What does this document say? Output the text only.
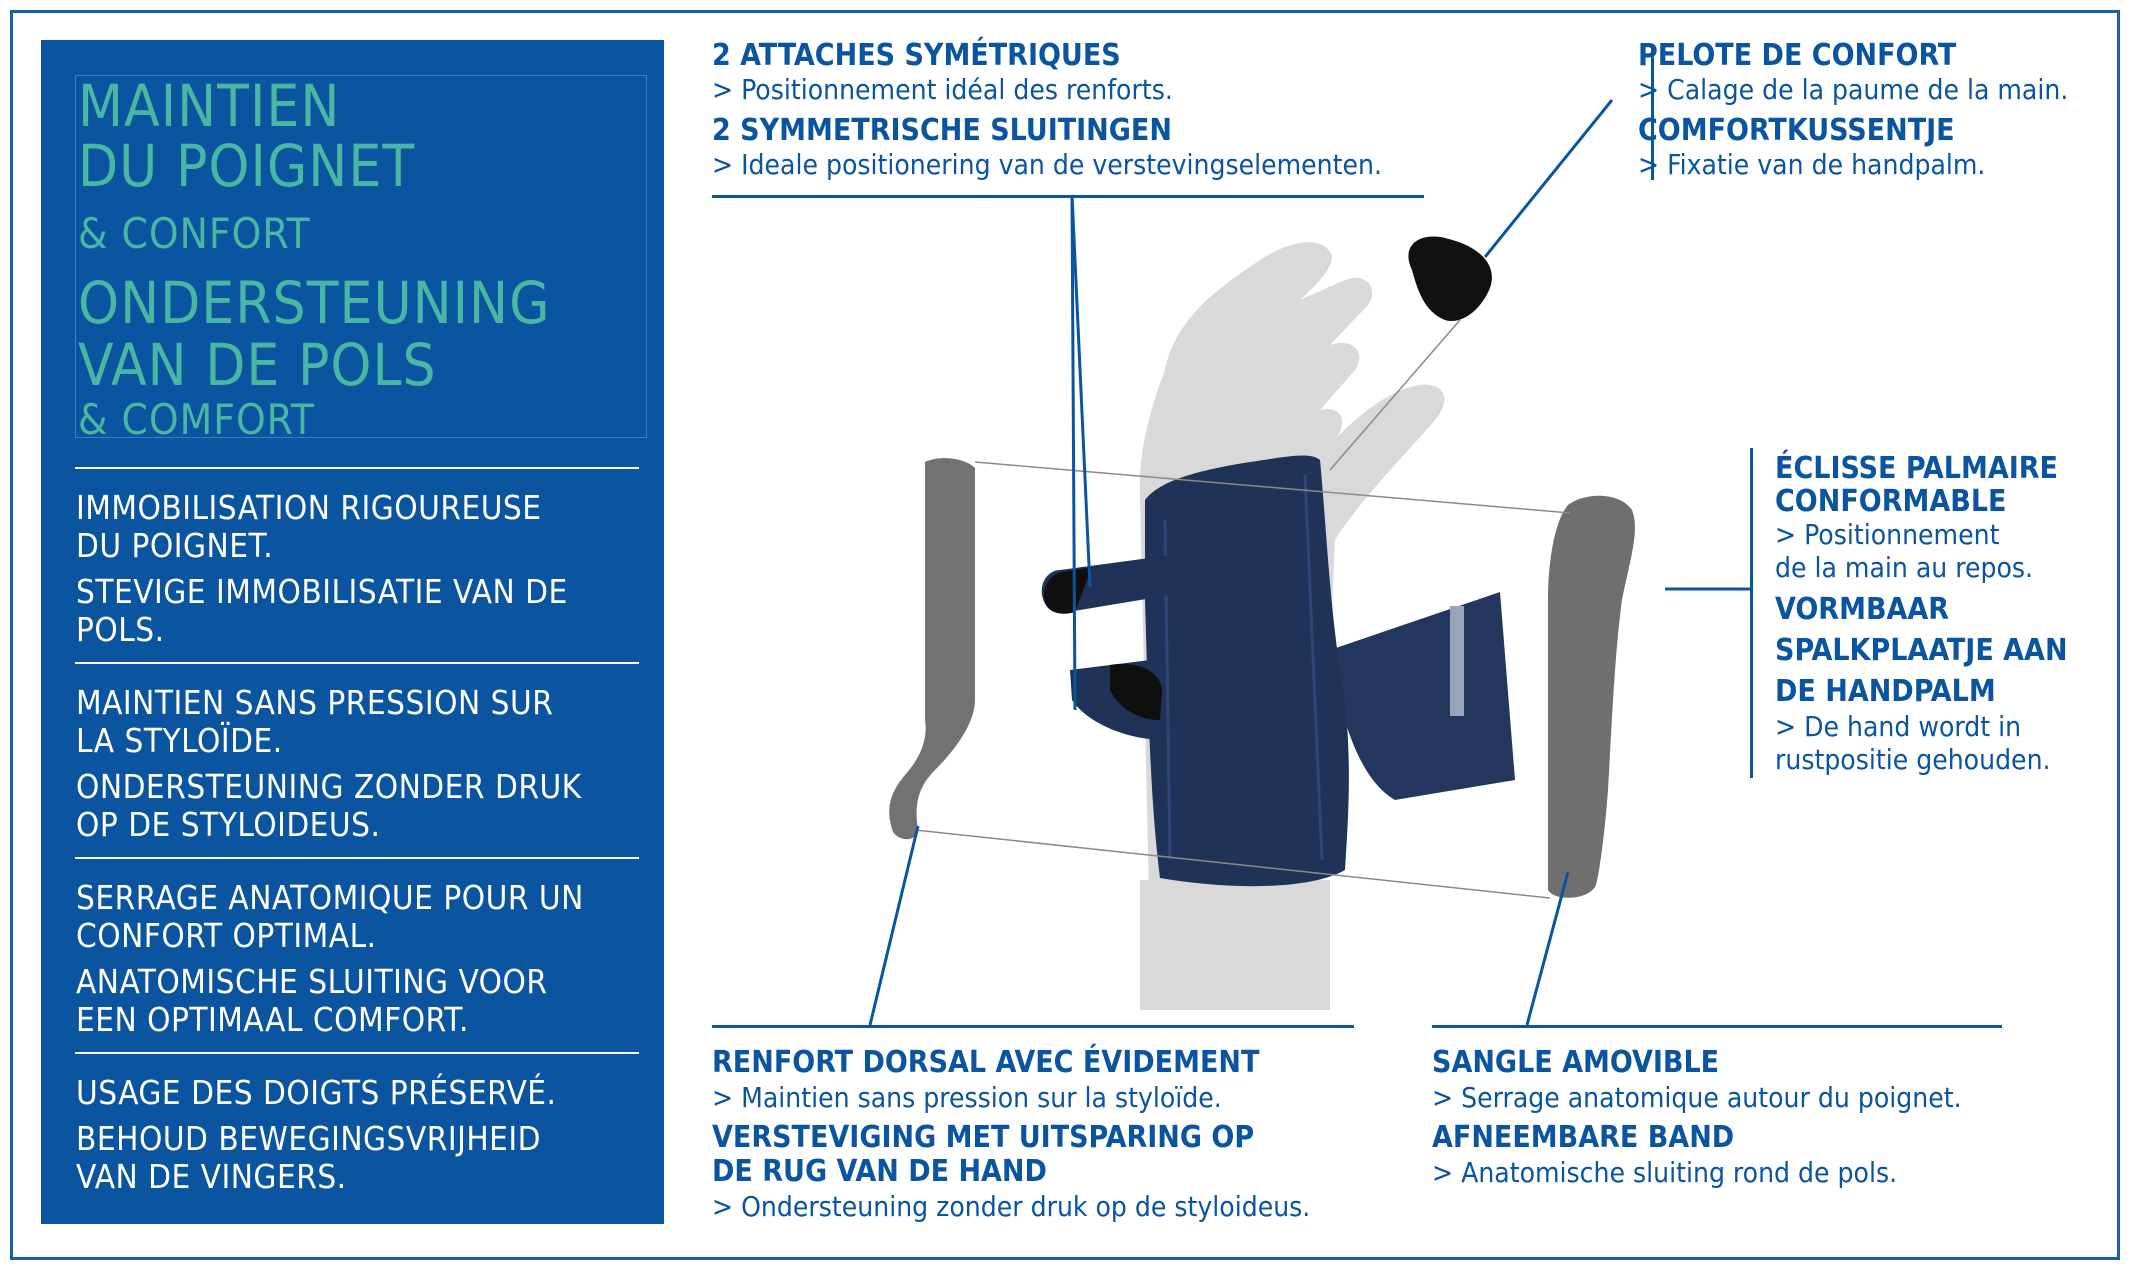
MAINTIEN
DU POIGNET
& CONFORT
ONDERSTEUNING
VAN DE POLS
& COMFORT
IMMOBILISATION RIGOUREUSE
DU POIGNET.
STEVIGE IMMOBILISATIE VAN DE
POLS.
MAINTIEN SANS PRESSION SUR
LA STYLOÏDE.
ONDERSTEUNING ZONDER DRUK
OP DE STYLOIDEUS.
SERRAGE ANATOMIQUE POUR UN
CONFORT OPTIMAL.
ANATOMISCHE SLUITING VOOR
EEN OPTIMAAL COMFORT.
USAGE DES DOIGTS PRÉSERVÉ.
BEHOUD BEWEGINGSVRIJHEID
VAN DE VINGERS.
2 ATTACHES SYMÉTRIQUES
> Positionnement idéal des renforts.
2 SYMMETRISCHE SLUITINGEN
> Ideale positionering van de verstevingselementen.
PELOTE DE CONFORT
> Calage de la paume de la main.
COMFORTKUSSENTJE
> Fixatie van de handpalm.
ÉCLISSE PALMAIRE
CONFORMABLE
> Positionnement
de la main au repos.
VORMBAAR
SPALKPLAATJE AAN
DE HANDPALM
> De hand wordt in
rustpositie gehouden.
RENFORT DORSAL AVEC ÉVIDEMENT
> Maintien sans pression sur la styloïde.
VERSTEVIGING MET UITSPARING OP
DE RUG VAN DE HAND
> Ondersteuning zonder druk op de styloideus.
SANGLE AMOVIBLE
> Serrage anatomique autour du poignet.
AFNEEMBARE BAND
> Anatomische sluiting rond de pols.
